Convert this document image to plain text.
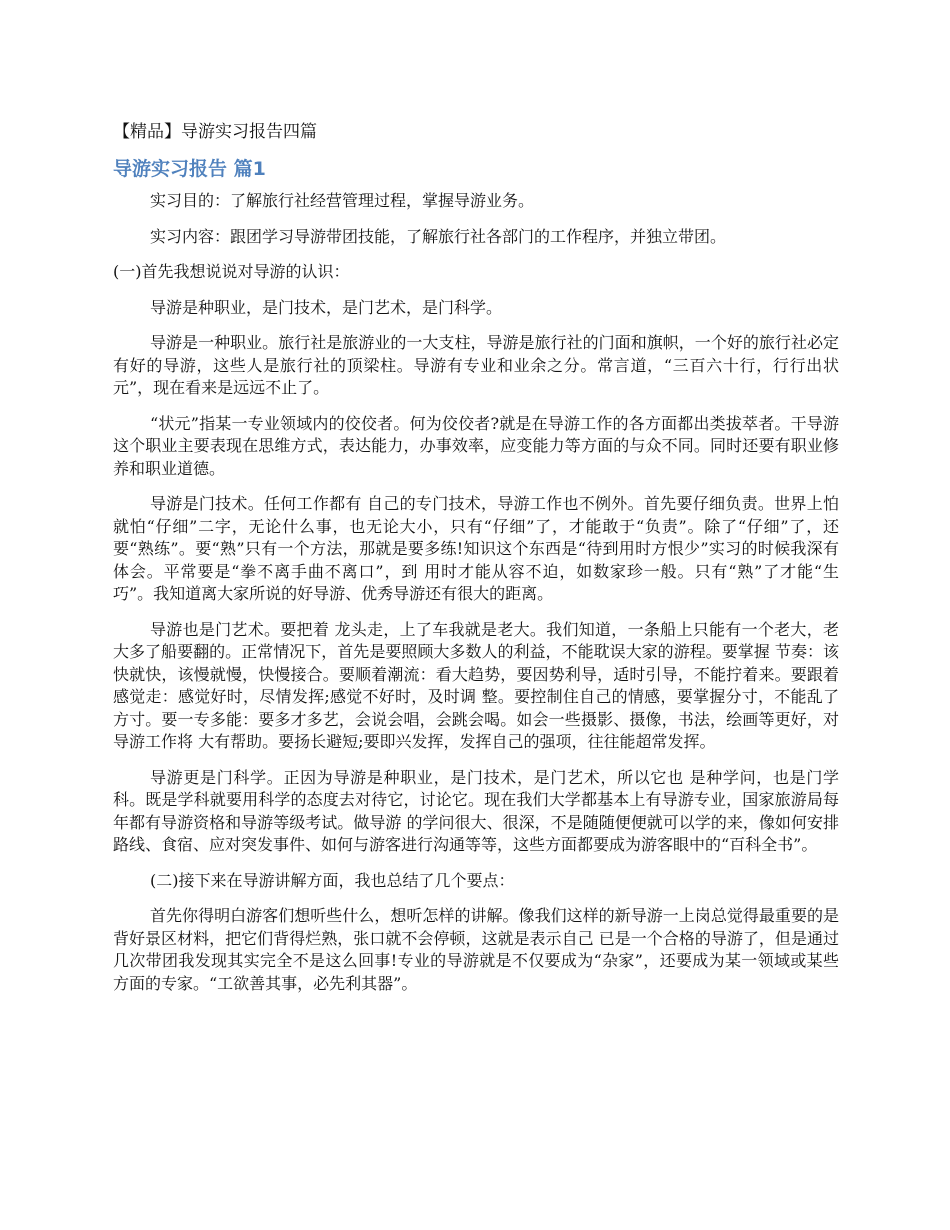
【精品】导游实习报告四篇
导游实习报告 篇1

实习目的：了解旅行社经营管理过程，掌握导游业务。

实习内容：跟团学习导游带团技能，了解旅行社各部门的工作程序，并独立带团。

(一)首先我想说说对导游的认识：

导游是种职业，是门技术，是门艺术，是门科学。

导游是一种职业。旅行社是旅游业的一大支柱，导游是旅行社的门面和旗帜，一个好的旅行社必定有好的导游，这些人是旅行社的顶梁柱。导游有专业和业余之分。常言道，“三百六十行，行行出状元”，现在看来是远远不止了。

“状元”指某一专业领域内的佼佼者。何为佼佼者?就是在导游工作的各方面都出类拔萃者。干导游这个职业主要表现在思维方式，表达能力，办事效率，应变能力等方面的与众不同。同时还要有职业修养和职业道德。

导游是门技术。任何工作都有 自己的专门技术，导游工作也不例外。首先要仔细负责。世界上怕就怕“仔细”二字，无论什么事，也无论大小，只有“仔细”了，才能敢于“负责”。除了“仔细”了，还要“熟练”。要“熟”只有一个方法，那就是要多练!知识这个东西是“待到用时方恨少”实习的时候我深有体会。平常要是“拳不离手曲不离口”，到 用时才能从容不迫，如数家珍一般。只有“熟”了才能“生巧”。我知道离大家所说的好导游、优秀导游还有很大的距离。

导游也是门艺术。要把着 龙头走，上了车我就是老大。我们知道，一条船上只能有一个老大，老大多了船要翻的。正常情况下，首先是要照顾大多数人的利益，不能耽误大家的游程。要掌握 节奏：该快就快，该慢就慢，快慢接合。要顺着潮流：看大趋势，要因势利导，适时引导，不能拧着来。要跟着感觉走：感觉好时，尽情发挥;感觉不好时，及时调 整。要控制住自己的情感，要掌握分寸，不能乱了方寸。要一专多能：要多才多艺，会说会唱，会跳会喝。如会一些摄影、摄像，书法，绘画等更好，对导游工作将 大有帮助。要扬长避短;要即兴发挥，发挥自己的强项，往往能超常发挥。

导游更是门科学。正因为导游是种职业，是门技术，是门艺术，所以它也 是种学问，也是门学科。既是学科就要用科学的态度去对待它，讨论它。现在我们大学都基本上有导游专业，国家旅游局每年都有导游资格和导游等级考试。做导游 的学问很大、很深，不是随随便便就可以学的来，像如何安排路线、食宿、应对突发事件、如何与游客进行沟通等等，这些方面都要成为游客眼中的“百科全书”。

(二)接下来在导游讲解方面，我也总结了几个要点：

首先你得明白游客们想听些什么，想听怎样的讲解。像我们这样的新导游一上岗总觉得最重要的是背好景区材料，把它们背得烂熟，张口就不会停顿，这就是表示自己 已是一个合格的导游了，但是通过几次带团我发现其实完全不是这么回事!专业的导游就是不仅要成为“杂家”，还要成为某一领域或某些方面的专家。“工欲善其事，必先利其器”。
